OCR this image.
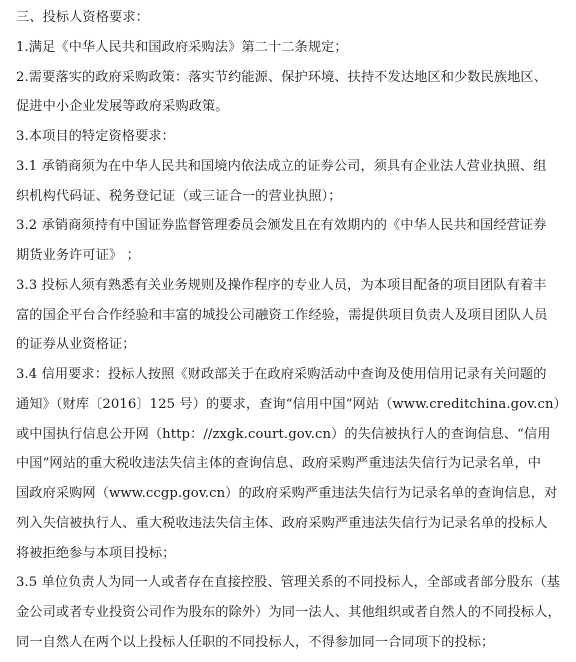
三、投标人资格要求：
1.满足《中华人民共和国政府采购法》第二十二条规定；
2.需要落实的政府采购政策：落实节约能源、保护环境、扶持不发达地区和少数民族地区、
促进中小企业发展等政府采购政策。
3.本项目的特定资格要求：
3.1 承销商须为在中华人民共和国境内依法成立的证券公司，须具有企业法人营业执照、组
织机构代码证、税务登记证（或三证合一的营业执照）；
3.2 承销商须持有中国证券监督管理委员会颁发且在有效期内的《中华人民共和国经营证券
期货业务许可证》 ；
3.3 投标人须有熟悉有关业务规则及操作程序的专业人员，为本项目配备的项目团队有着丰
富的国企平台合作经验和丰富的城投公司融资工作经验，需提供项目负责人及项目团队人员
的证券从业资格证；
3.4 信用要求：投标人按照《财政部关于在政府采购活动中查询及使用信用记录有关问题的
通知》（财库〔2016〕125 号）的要求，查询“信用中国”网站（www.creditchina.gov.cn）
或中国执行信息公开网（http：//zxgk.court.gov.cn）的失信被执行人的查询信息、“信用
中国”网站的重大税收违法失信主体的查询信息、政府采购严重违法失信行为记录名单，中
国政府采购网（www.ccgp.gov.cn）的政府采购严重违法失信行为记录名单的查询信息，对
列入失信被执行人、重大税收违法失信主体、政府采购严重违法失信行为记录名单的投标人
将被拒绝参与本项目投标；
3.5 单位负责人为同一人或者存在直接控股、管理关系的不同投标人，全部或者部分股东（基
金公司或者专业投资公司作为股东的除外）为同一法人、其他组织或者自然人的不同投标人，
同一自然人在两个以上投标人任职的不同投标人，不得参加同一合同项下的投标；
